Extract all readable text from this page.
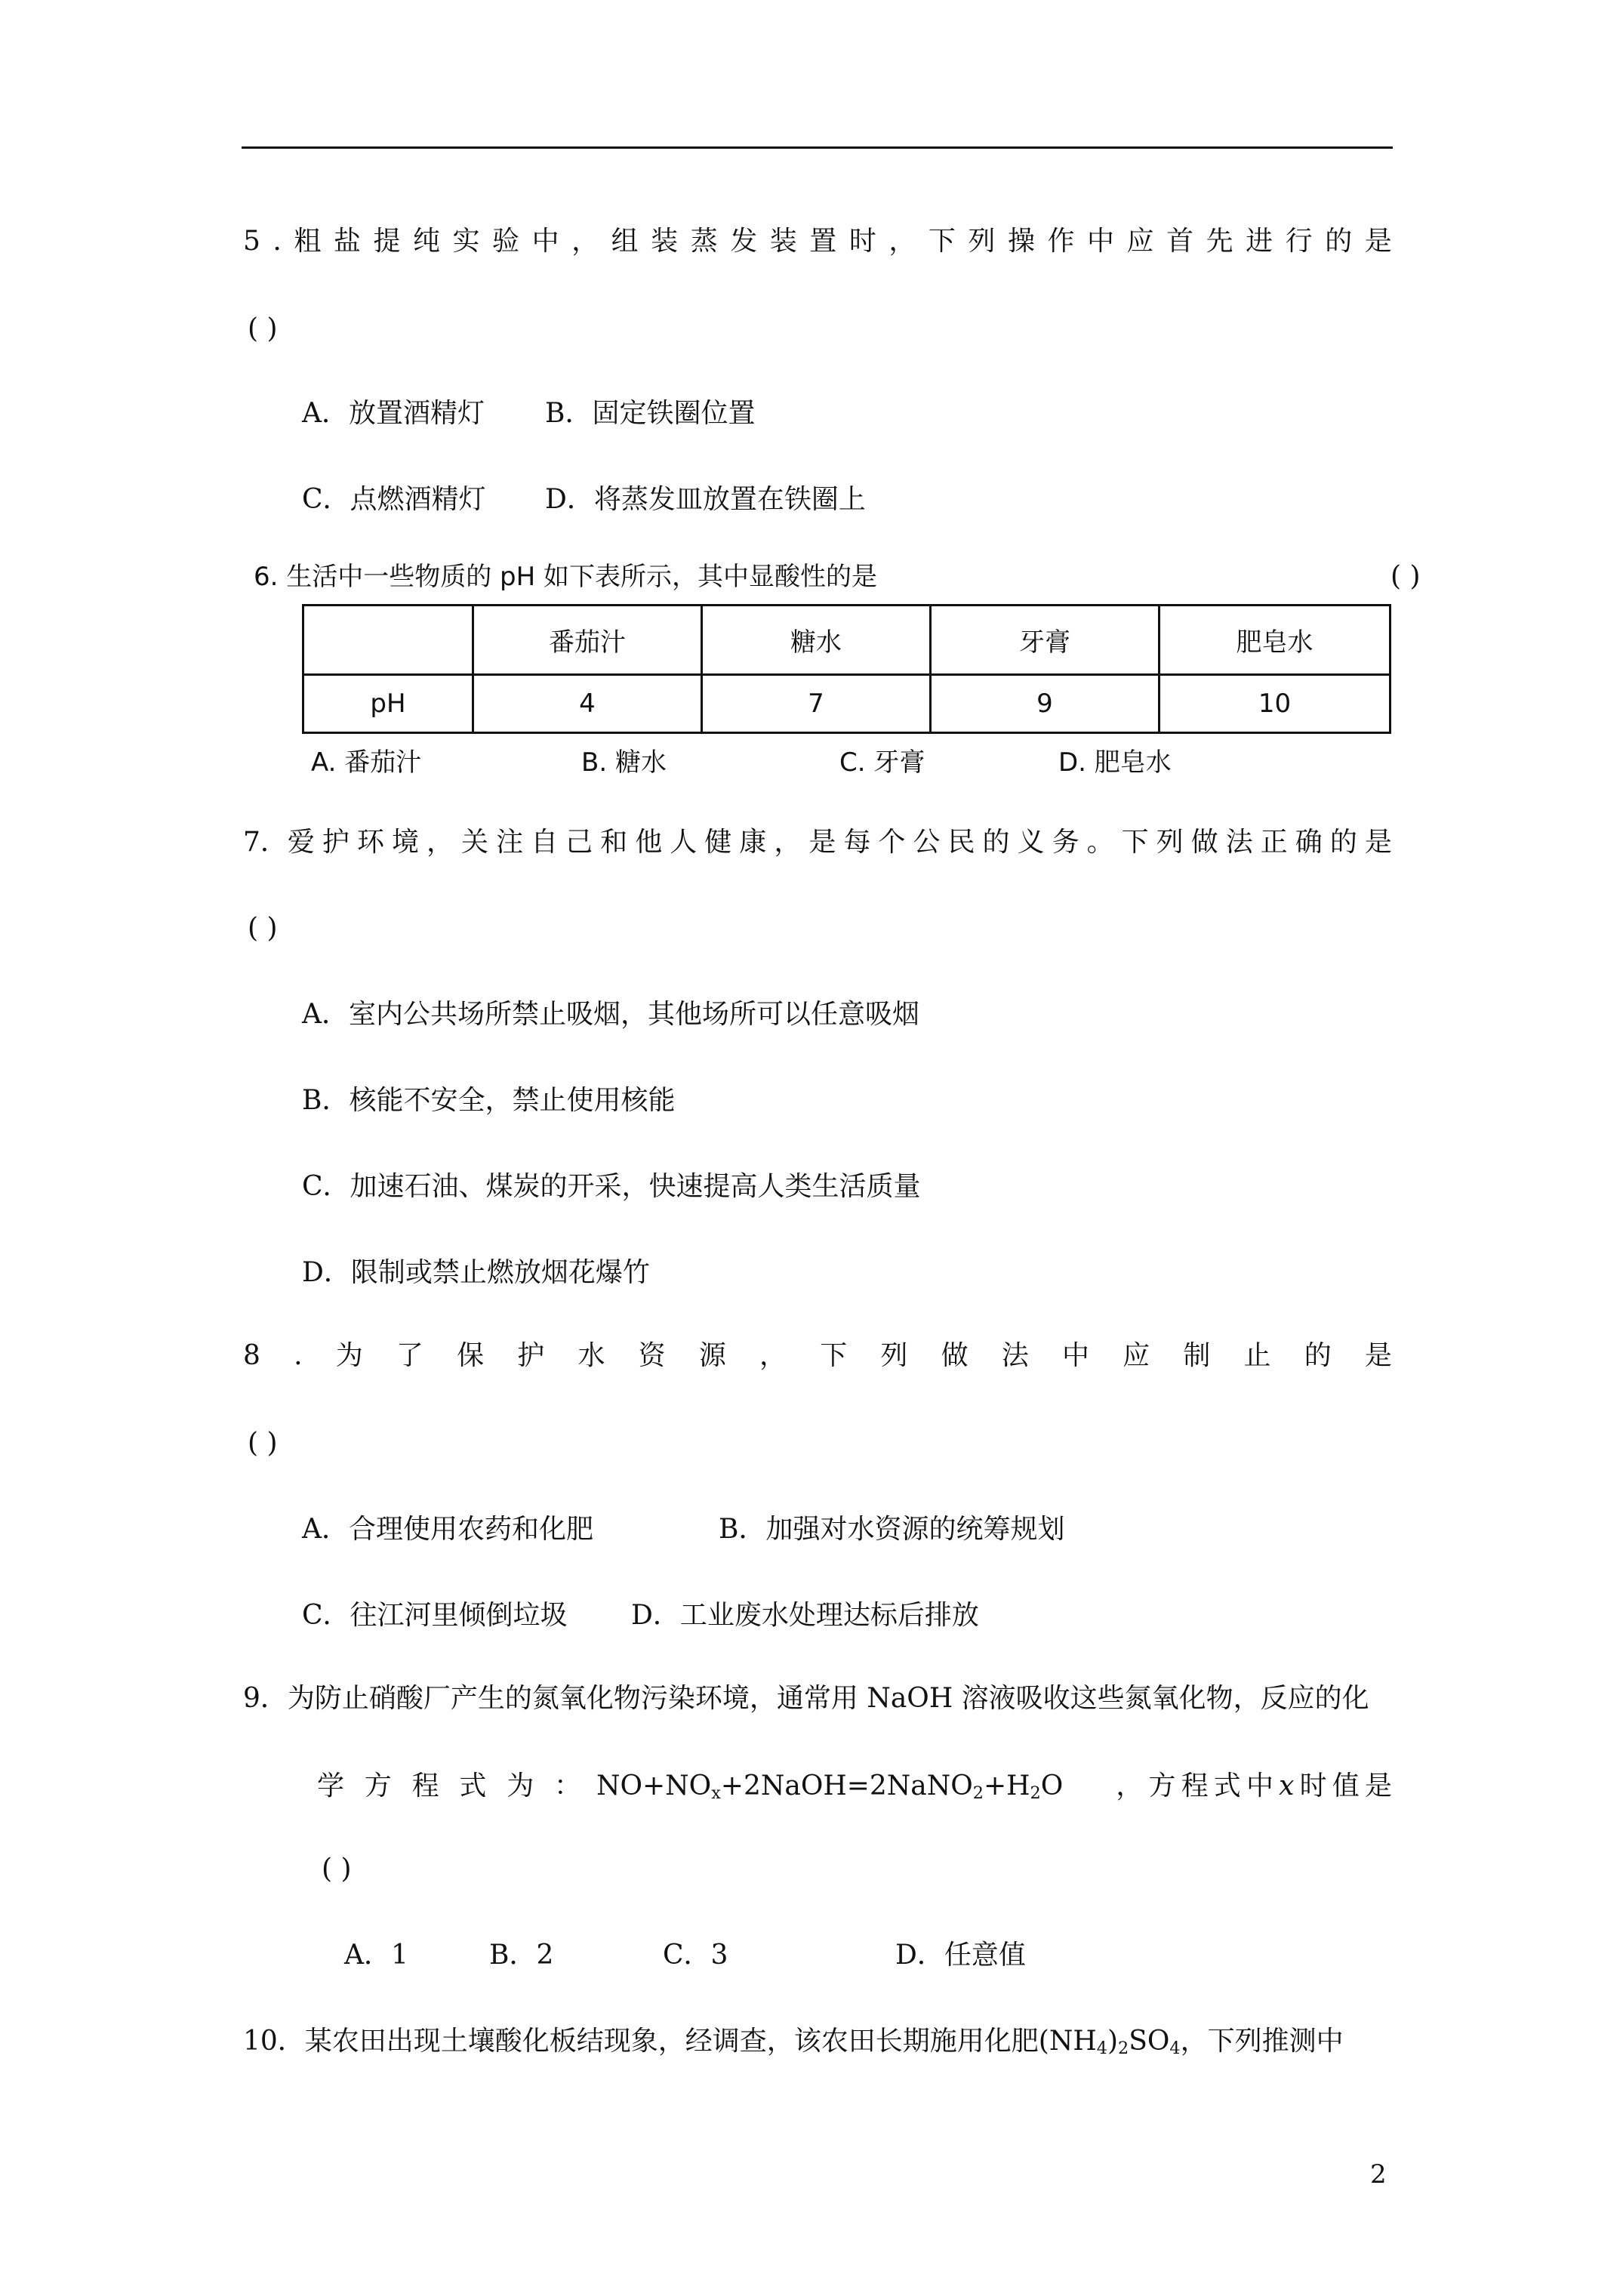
5 . 粗 盐 提 纯 实 验 中 ， 组 装 蒸 发 装 置 时 ， 下 列 操 作 中 应 首 先 进 行 的 是
( )
A．放置酒精灯 B．固定铁圈位置
C．点燃酒精灯 D．将蒸发皿放置在铁圈上
6. 生活中一些物质的 pH 如下表所示，其中显酸性的是	( )
	番茄汁	糖水	牙膏	肥皂水
pH	4	7	9	10
A. 番茄汁	B. 糖水	C. 牙膏	D. 肥皂水
7．爱 护 环 境 ， 关 注 自 己 和 他 人 健 康 ， 是 每 个 公 民 的 义 务 。 下 列 做 法 正 确 的 是
( )
A．室内公共场所禁止吸烟，其他场所可以任意吸烟
B．核能不安全，禁止使用核能
C．加速石油、煤炭的开采，快速提高人类生活质量
D．限制或禁止燃放烟花爆竹
8 . 为 了 保 护 水 资 源 ， 下 列 做 法 中 应 制 止 的 是
( )
A．合理使用农药和化肥	B．加强对水资源的统筹规划
C．往江河里倾倒垃圾 D．工业废水处理达标后排放
9．为防止硝酸厂产生的氮氧化物污染环境，通常用 NaOH 溶液吸收这些氮氧化物，反应的化
学 方 程 式 为 ： $NO+NO_x+2NaOH=2NaNO_2+H_2O$ ， 方 程 式 中 x 时 值 是
( )
A．1	B．2	C．3	D．任意值
10．某农田出现土壤酸化板结现象，经调查，该农田长期施用化肥$(NH_4)_2SO_4$，下列推测中
2
